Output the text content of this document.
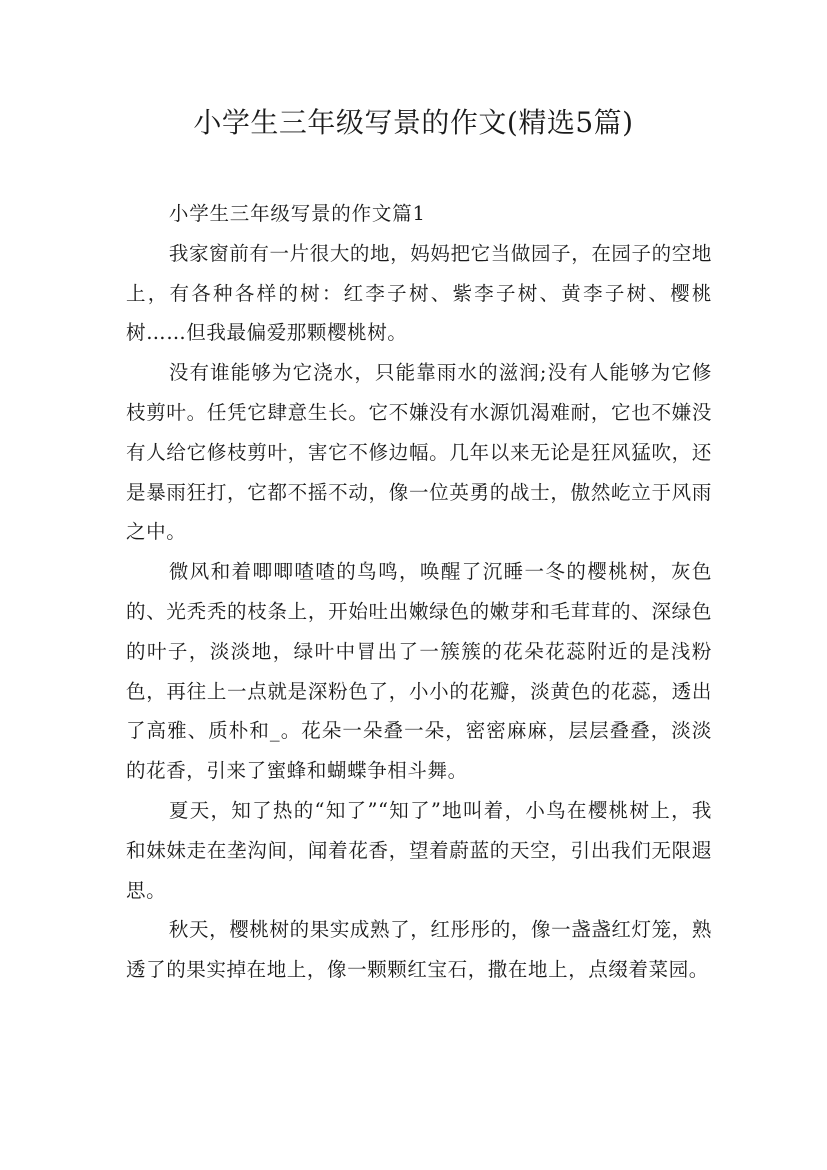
小学生三年级写景的作文(精选5篇)

小学生三年级写景的作文篇1

我家窗前有一片很大的地，妈妈把它当做园子，在园子的空地上，有各种各样的树：红李子树、紫李子树、黄李子树、樱桃树……但我最偏爱那颗樱桃树。

没有谁能够为它浇水，只能靠雨水的滋润;没有人能够为它修枝剪叶。任凭它肆意生长。它不嫌没有水源饥渴难耐，它也不嫌没有人给它修枝剪叶，害它不修边幅。几年以来无论是狂风猛吹，还是暴雨狂打，它都不摇不动，像一位英勇的战士，傲然屹立于风雨之中。

微风和着唧唧喳喳的鸟鸣，唤醒了沉睡一冬的樱桃树，灰色的、光秃秃的枝条上，开始吐出嫩绿色的嫩芽和毛茸茸的、深绿色的叶子，淡淡地，绿叶中冒出了一簇簇的花朵花蕊附近的是浅粉色，再往上一点就是深粉色了，小小的花瓣，淡黄色的花蕊，透出了高雅、质朴和_。花朵一朵叠一朵，密密麻麻，层层叠叠，淡淡的花香，引来了蜜蜂和蝴蝶争相斗舞。

夏天，知了热的“知了”“知了”地叫着，小鸟在樱桃树上，我和妹妹走在垄沟间，闻着花香，望着蔚蓝的天空，引出我们无限遐思。

秋天，樱桃树的果实成熟了，红彤彤的，像一盏盏红灯笼，熟透了的果实掉在地上，像一颗颗红宝石，撒在地上，点缀着菜园。
